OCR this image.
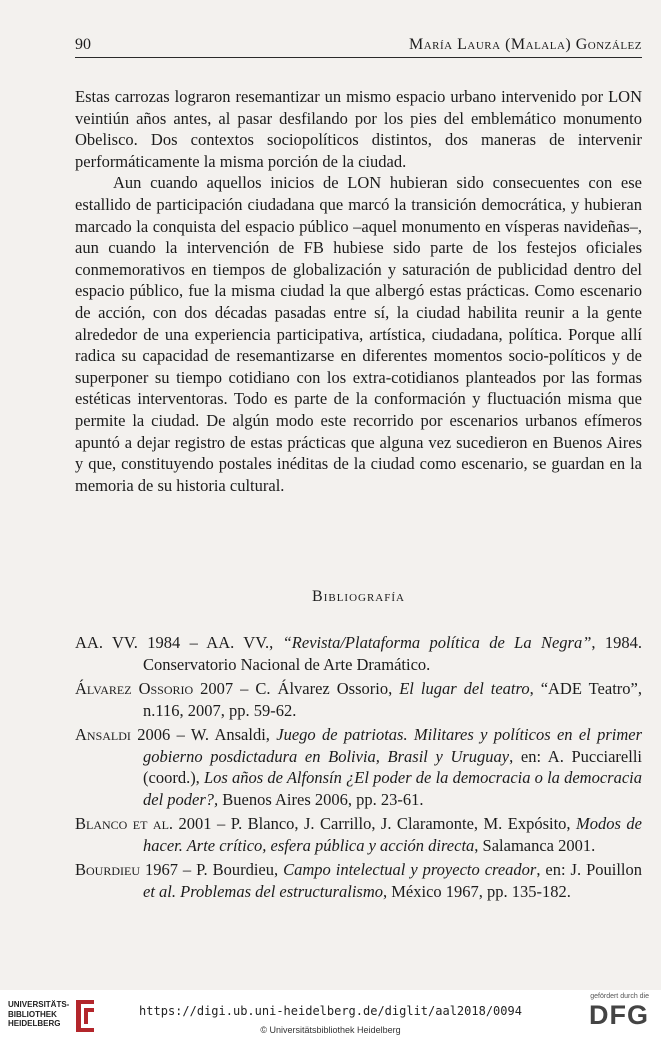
90	María Laura (Malala) González

Estas carrozas lograron resemantizar un mismo espacio urbano intervenido por LON veintiún años antes, al pasar desfilando por los pies del emblemático monumento Obelisco. Dos contextos sociopolíticos distintos, dos maneras de intervenir performáticamente la misma porción de la ciudad.

Aun cuando aquellos inicios de LON hubieran sido consecuentes con ese estallido de participación ciudadana que marcó la transición democrática, y hubieran marcado la conquista del espacio público –aquel monumento en vísperas navideñas–, aun cuando la intervención de FB hubiese sido parte de los festejos oficiales conmemorativos en tiempos de globalización y saturación de publicidad dentro del espacio público, fue la misma ciudad la que albergó estas prácticas. Como escenario de acción, con dos décadas pasadas entre sí, la ciudad habilita reunir a la gente alrededor de una experiencia participativa, artística, ciudadana, política. Porque allí radica su capacidad de resemantizarse en diferentes momentos socio-políticos y de superponer su tiempo cotidiano con los extra-cotidianos planteados por las formas estéticas interventoras. Todo es parte de la conformación y fluctuación misma que permite la ciudad. De algún modo este recorrido por escenarios urbanos efímeros apuntó a dejar registro de estas prácticas que alguna vez sucedieron en Buenos Aires y que, constituyendo postales inéditas de la ciudad como escenario, se guardan en la memoria de su historia cultural.

Bibliografía

AA. VV. 1984 – AA. VV., “Revista/Plataforma política de La Negra”, 1984. Conservatorio Nacional de Arte Dramático.

Álvarez Ossorio 2007 – C. Álvarez Ossorio, El lugar del teatro, “ADE Teatro”, n.116, 2007, pp. 59-62.

Ansaldi 2006 – W. Ansaldi, Juego de patriotas. Militares y políticos en el primer gobierno posdictadura en Bolivia, Brasil y Uruguay, en: A. Pucciarelli (coord.), Los años de Alfonsín ¿El poder de la democracia o la democracia del poder?, Buenos Aires 2006, pp. 23-61.

Blanco et al. 2001 – P. Blanco, J. Carrillo, J. Claramonte, M. Expósito, Modos de hacer. Arte crítico, esfera pública y acción directa, Salamanca 2001.

Bourdieu 1967 – P. Bourdieu, Campo intelectual y proyecto creador, en: J. Pouillon et al. Problemas del estructuralismo, México 1967, pp. 135-182.

UNIVERSITÄTS-
BIBLIOTHEK
HEIDELBERG
https://digi.ub.uni-heidelberg.de/diglit/aal2018/0094
© Universitätsbibliothek Heidelberg
gefördert durch die
DFG
